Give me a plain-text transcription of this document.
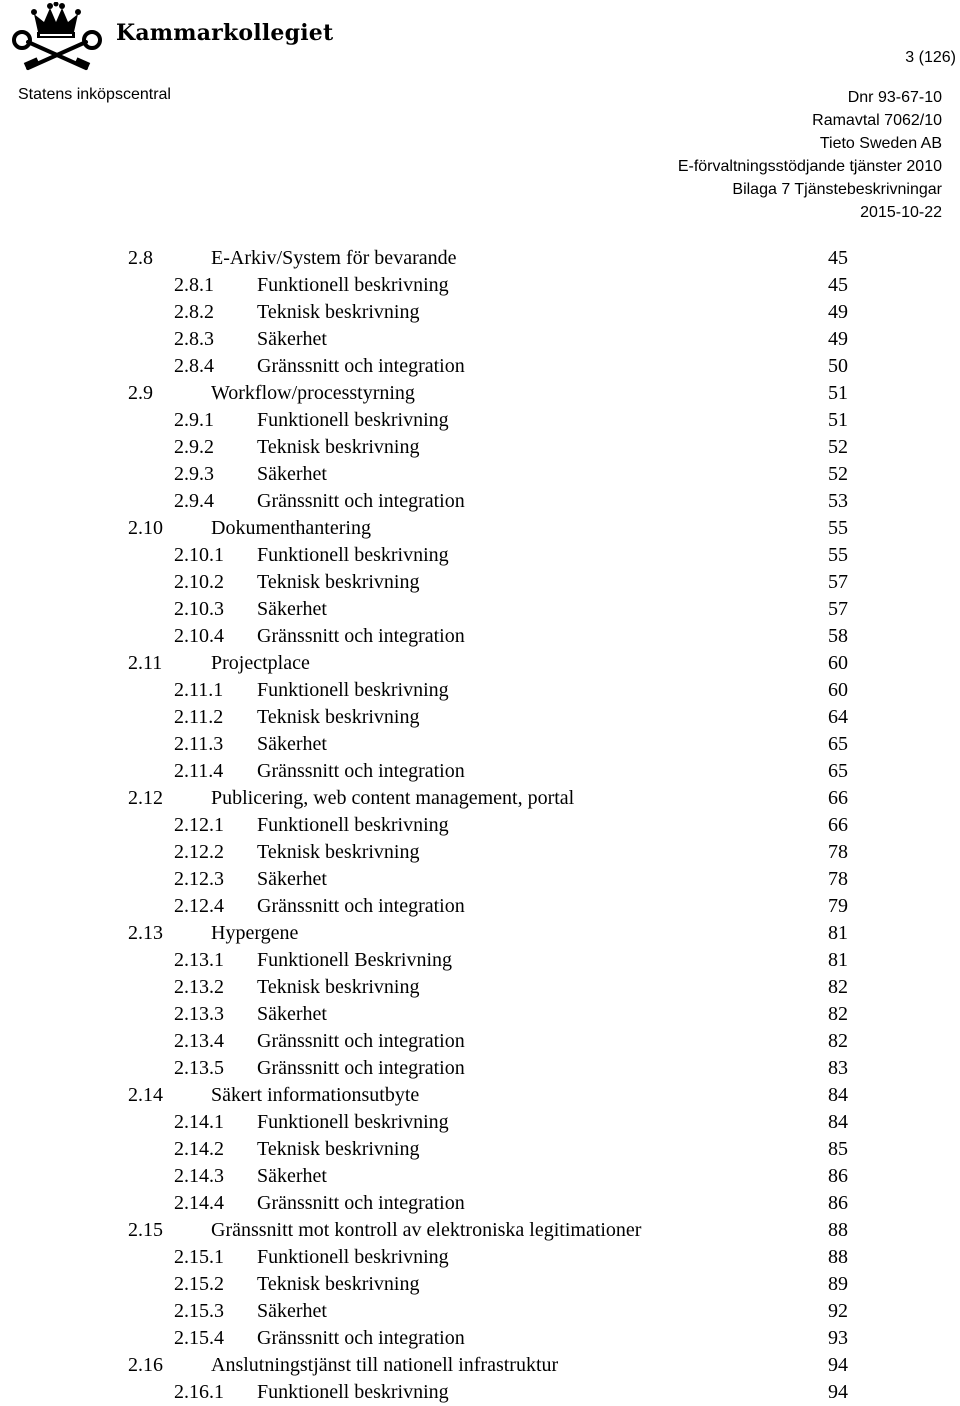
Kammarkollegiet
3 (126)
Statens inköpscentral	Dnr 93-67-10
Ramavtal 7062/10
Tieto Sweden AB
E-förvaltningsstödjande tjänster 2010
Bilaga 7 Tjänstebeskrivningar
2015-10-22
2.8	E-Arkiv/System för bevarande	45
2.8.1 Funktionell beskrivning	45
2.8.2 Teknisk beskrivning	49
2.8.3 Säkerhet	49
2.8.4 Gränssnitt och integration	50
2.9	Workflow/processtyrning	51
2.9.1 Funktionell beskrivning	51
2.9.2 Teknisk beskrivning	52
2.9.3 Säkerhet	52
2.9.4 Gränssnitt och integration	53
2.10 Dokumenthantering	55
2.10.1 Funktionell beskrivning	55
2.10.2 Teknisk beskrivning	57
2.10.3 Säkerhet	57
2.10.4 Gränssnitt och integration	58
2.11 Projectplace	60
2.11.1 Funktionell beskrivning	60
2.11.2 Teknisk beskrivning	64
2.11.3 Säkerhet	65
2.11.4 Gränssnitt och integration	65
2.12 Publicering, web content management, portal	66
2.12.1 Funktionell beskrivning	66
2.12.2 Teknisk beskrivning	78
2.12.3 Säkerhet	78
2.12.4 Gränssnitt och integration	79
2.13 Hypergene	81
2.13.1 Funktionell Beskrivning	81
2.13.2 Teknisk beskrivning	82
2.13.3 Säkerhet	82
2.13.4 Gränssnitt och integration	82
2.13.5 Gränssnitt och integration	83
2.14 Säkert informationsutbyte	84
2.14.1 Funktionell beskrivning	84
2.14.2 Teknisk beskrivning	85
2.14.3 Säkerhet	86
2.14.4 Gränssnitt och integration	86
2.15 Gränssnitt mot kontroll av elektroniska legitimationer	88
2.15.1 Funktionell beskrivning	88
2.15.2 Teknisk beskrivning	89
2.15.3 Säkerhet	92
2.15.4 Gränssnitt och integration	93
2.16 Anslutningstjänst till nationell infrastruktur	94
2.16.1 Funktionell beskrivning	94
